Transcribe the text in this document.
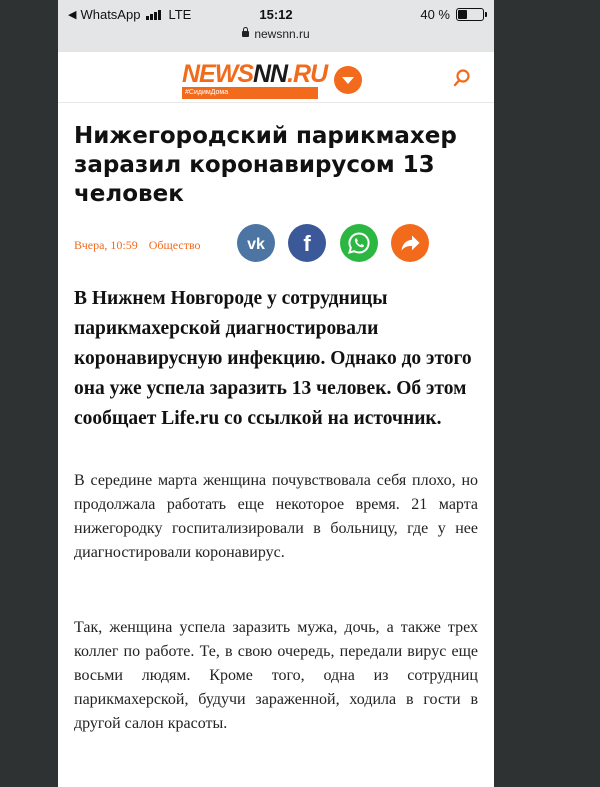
◀ WhatsApp LTE	15:12	40 %
newsnn.ru
NEWSNN.RU
#СидимДома
Нижегородский парикмахер заразил коронавирусом 13 человек
Вчера, 10:59 Общество	vk f
В Нижнем Новгороде у сотрудницы парикмахерской диагностировали коронавирусную инфекцию. Однако до этого она уже успела заразить 13 человек. Об этом сообщает Life.ru со ссылкой на источник.
В середине марта женщина почувствовала себя плохо, но продолжала работать еще некоторое время. 21 марта нижегородку госпитализировали в больницу, где у нее диагностировали коронавирус.
Так, женщина успела заразить мужа, дочь, а также трех коллег по работе. Те, в свою очередь, передали вирус еще восьми людям. Кроме того, одна из сотрудниц парикмахерской, будучи зараженной, ходила в гости в другой салон красоты.
